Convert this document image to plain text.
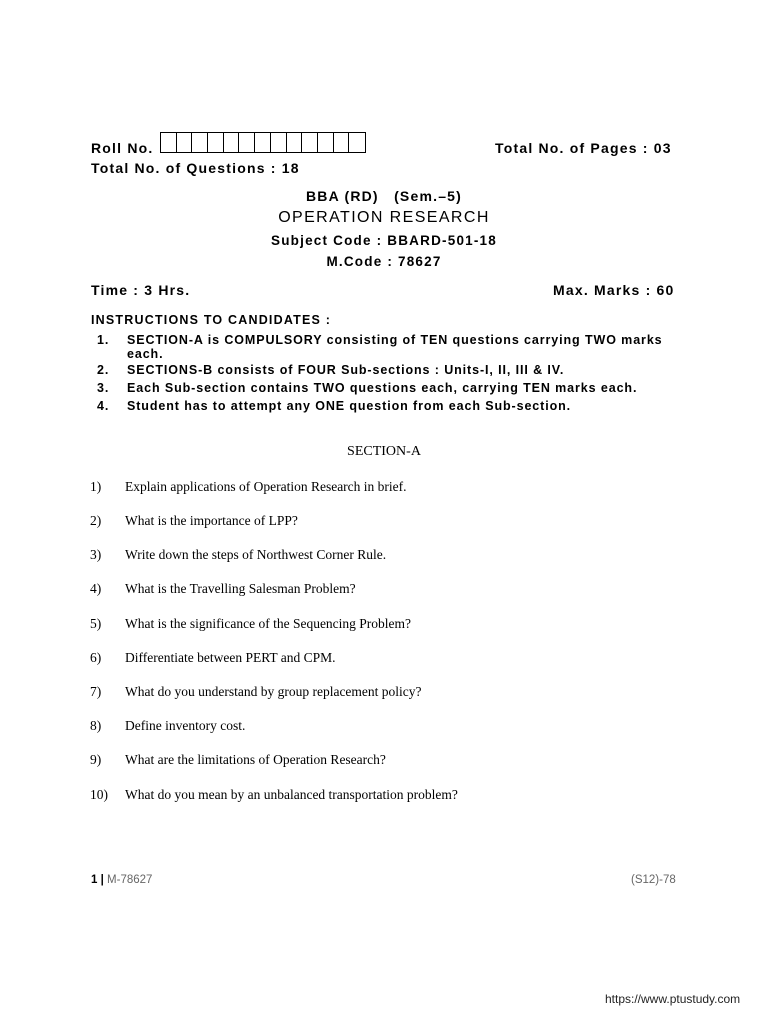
Roll No.	Total No. of Pages : 03
Total No. of Questions : 18
BBA (RD)   (Sem.–5)
OPERATION RESEARCH
Subject Code : BBARD-501-18
M.Code : 78627
Time : 3 Hrs.	Max. Marks : 60
INSTRUCTIONS TO CANDIDATES :
1. SECTION-A is COMPULSORY consisting of TEN questions carrying TWO marks each.
2. SECTIONS-B consists of FOUR Sub-sections : Units-I, II, III & IV.
3. Each Sub-section contains TWO questions each, carrying TEN marks each.
4. Student has to attempt any ONE question from each Sub-section.
SECTION-A
1) Explain applications of Operation Research in brief.
2) What is the importance of LPP?
3) Write down the steps of Northwest Corner Rule.
4) What is the Travelling Salesman Problem?
5) What is the significance of the Sequencing Problem?
6) Differentiate between PERT and CPM.
7) What do you understand by group replacement policy?
8) Define inventory cost.
9) What are the limitations of Operation Research?
10) What do you mean by an unbalanced transportation problem?
1 | M-78627	(S12)-78
https://www.ptustudy.com
